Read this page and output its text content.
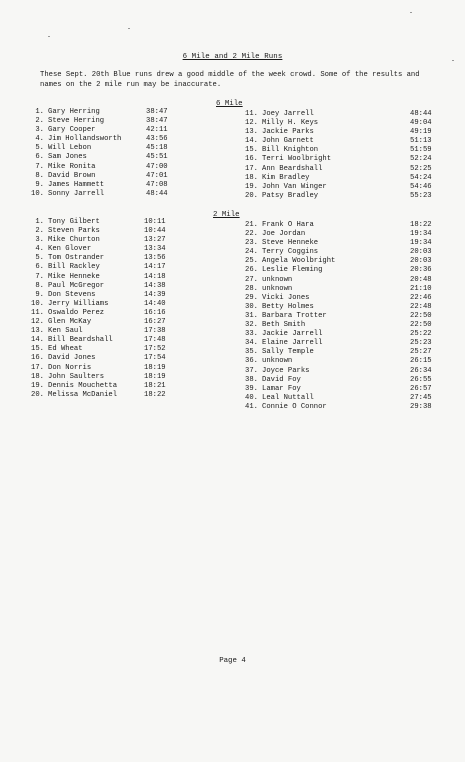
6 Mile and 2 Mile Runs
These Sept. 20th Blue runs drew a good middle of the week crowd. Some of the results and names on the 2 mile run may be inaccurate.
6 Mile
1. Gary Herring	38:47
2. Steve Herring	38:47
3. Gary Cooper	42:11
4. Jim Hollandsworth	43:56
5. Will Lebon	45:18
6. Sam Jones	45:51
7. Mike Ronita	47:00
8. David Brown	47:01
9. James Hammett	47:08
10. Sonny Jarrell	48:44
11. Joey Jarrell	48:44
12. Milly H. Keys	49:04
13. Jackie Parks	49:19
14. John Garnett	51:13
15. Bill Knighton	51:59
16. Terri Woolbright	52:24
17. Ann Beardshall	52:25
18. Kim Bradley	54:24
19. John Van Winger	54:46
20. Patsy Bradley	55:23
2 Mile
1. Tony Gilbert	10:11
2. Steven Parks	10:44
3. Mike Churton	13:27
4. Ken Glover	13:34
5. Tom Ostrander	13:56
6. Bill Rackley	14:17
7. Mike Henneke	14:18
8. Paul McGregor	14:38
9. Don Stevens	14:39
10. Jerry Williams	14:40
11. Oswaldo Perez	16:16
12. Glen McKay	16:27
13. Ken Saul	17:38
14. Bill Beardshall	17:48
15. Ed Wheat	17:52
16. David Jones	17:54
17. Don Norris	18:19
18. John Saulters	18:19
19. Dennis Mouchetta	18:21
20. Melissa McDaniel	18:22
21. Frank O Hara	18:22
22. Joe Jordan	19:34
23. Steve Henneke	19:34
24. Terry Coggins	20:03
25. Angela Woolbright	20:03
26. Leslie Fleming	20:36
27. unknown	20:48
28. unknown	21:10
29. Vicki Jones	22:46
30. Betty Holmes	22:48
31. Barbara Trotter	22:50
32. Beth Smith	22:50
33. Jackie Jarrell	25:22
34. Elaine Jarrell	25:23
35. Sally Temple	25:27
36. unknown	26:15
37. Joyce Parks	26:34
38. David Foy	26:55
39. Lamar Foy	26:57
40. Leal Nuttall	27:45
41. Connie O Connor	29:38
Page 4
